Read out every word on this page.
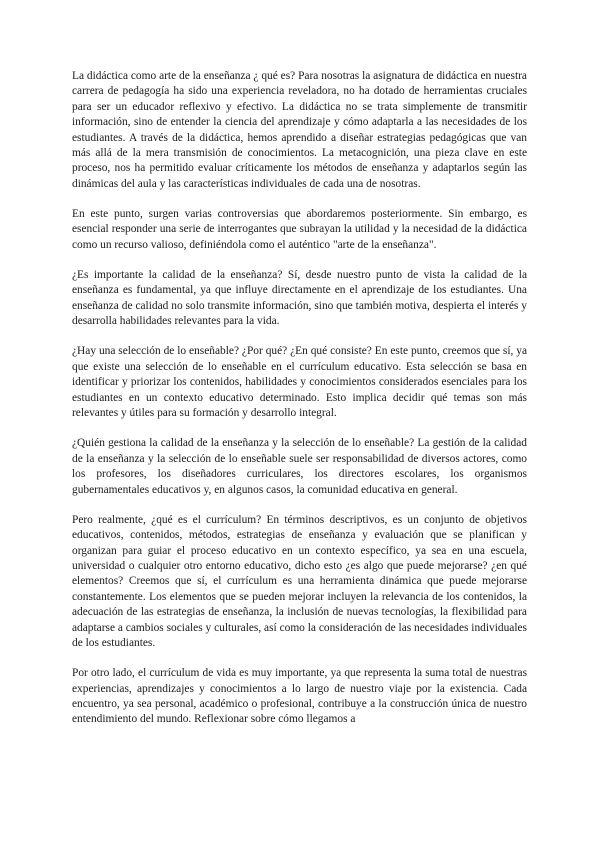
La didáctica como arte de la enseñanza ¿ qué es? Para nosotras la asignatura de didáctica en nuestra carrera de pedagogía ha sido una experiencia reveladora, no ha dotado de herramientas cruciales para ser un educador reflexivo y efectivo. La didáctica no se trata simplemente de transmitir información, sino de entender la ciencia del aprendizaje y cómo adaptarla a las necesidades de los estudiantes. A través de la didáctica, hemos aprendido a diseñar estrategias pedagógicas que van más allá de la mera transmisión de conocimientos. La metacognición, una pieza clave en este proceso, nos ha permitido evaluar críticamente los métodos de enseñanza y adaptarlos según las dinámicas del aula y las características individuales de cada una de nosotras.

En este punto, surgen varias controversias que abordaremos posteriormente. Sin embargo, es esencial responder una serie de interrogantes que subrayan la utilidad y la necesidad de la didáctica como un recurso valioso, definiéndola como el auténtico "arte de la enseñanza".

¿Es importante la calidad de la enseñanza? Sí, desde nuestro punto de vista la calidad de la enseñanza es fundamental, ya que influye directamente en el aprendizaje de los estudiantes. Una enseñanza de calidad no solo transmite información, sino que también motiva, despierta el interés y desarrolla habilidades relevantes para la vida.

¿Hay una selección de lo enseñable? ¿Por qué? ¿En qué consiste? En este punto, creemos que sí, ya que existe una selección de lo enseñable en el currículum educativo. Esta selección se basa en identificar y priorizar los contenidos, habilidades y conocimientos considerados esenciales para los estudiantes en un contexto educativo determinado. Esto implica decidir qué temas son más relevantes y útiles para su formación y desarrollo integral.

¿Quién gestiona la calidad de la enseñanza y la selección de lo enseñable? La gestión de la calidad de la enseñanza y la selección de lo enseñable suele ser responsabilidad de diversos actores, como los profesores, los diseñadores curriculares, los directores escolares, los organismos gubernamentales educativos y, en algunos casos, la comunidad educativa en general.

Pero realmente, ¿qué es el currículum? En términos descriptivos, es un conjunto de objetivos educativos, contenidos, métodos, estrategias de enseñanza y evaluación que se planifican y organizan para guiar el proceso educativo en un contexto específico, ya sea en una escuela, universidad o cualquier otro entorno educativo, dicho esto ¿es algo que puede mejorarse? ¿en qué elementos? Creemos que sí, el currículum es una herramienta dinámica que puede mejorarse constantemente. Los elementos que se pueden mejorar incluyen la relevancia de los contenidos, la adecuación de las estrategias de enseñanza, la inclusión de nuevas tecnologías, la flexibilidad para adaptarse a cambios sociales y culturales, así como la consideración de las necesidades individuales de los estudiantes.

Por otro lado, el currículum de vida es muy importante, ya que representa la suma total de nuestras experiencias, aprendizajes y conocimientos a lo largo de nuestro viaje por la existencia. Cada encuentro, ya sea personal, académico o profesional, contribuye a la construcción única de nuestro entendimiento del mundo. Reflexionar sobre cómo llegamos a
